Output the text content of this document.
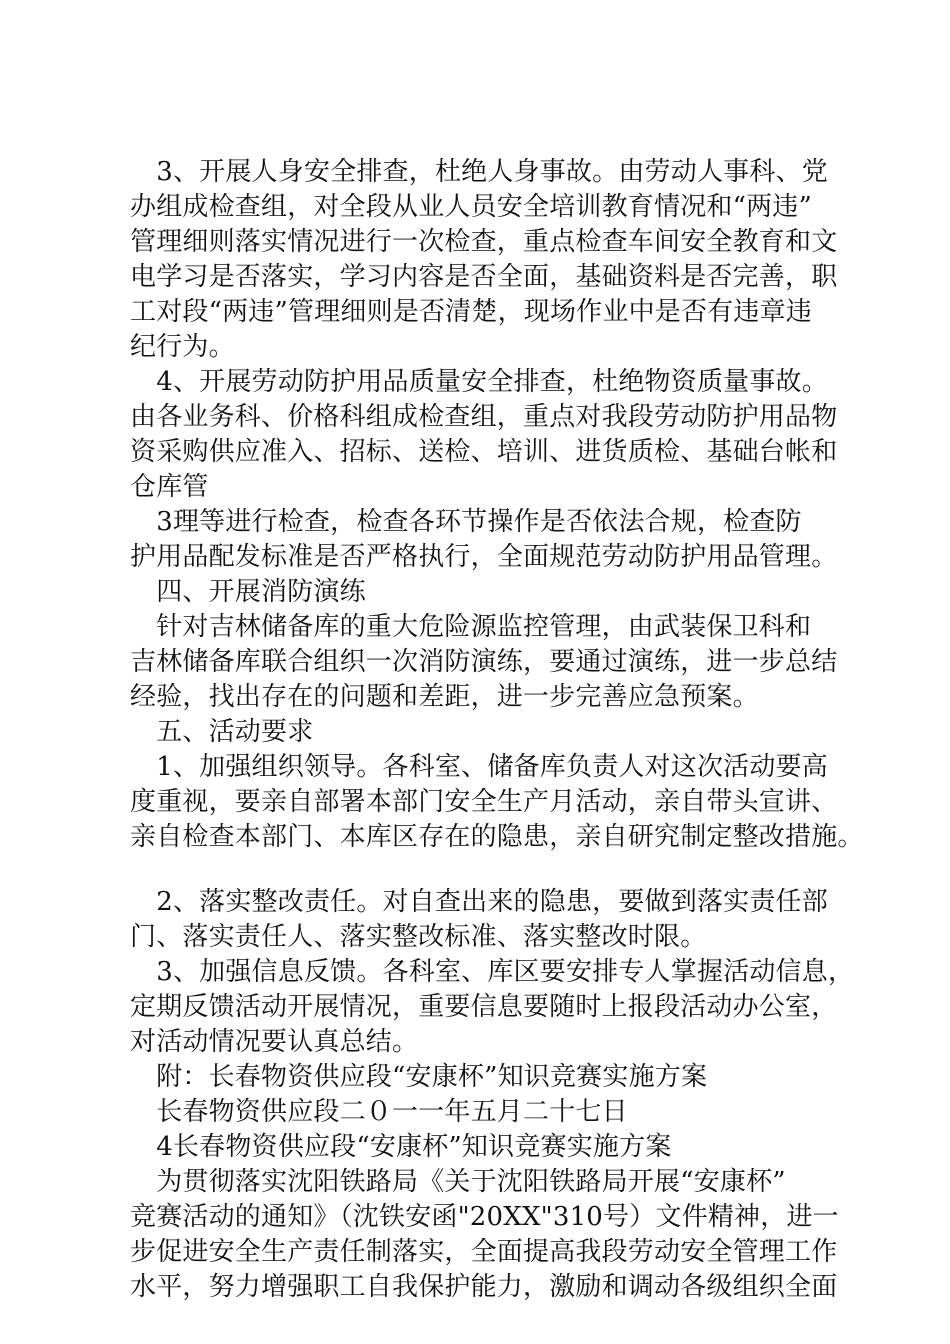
　3、开展人身安全排查，杜绝人身事故。由劳动人事科、党
办组成检查组，对全段从业人员安全培训教育情况和“两违”
管理细则落实情况进行一次检查，重点检查车间安全教育和文
电学习是否落实，学习内容是否全面，基础资料是否完善，职
工对段“两违”管理细则是否清楚，现场作业中是否有违章违
纪行为。
　4、开展劳动防护用品质量安全排查，杜绝物资质量事故。
由各业务科、价格科组成检查组，重点对我段劳动防护用品物
资采购供应准入、招标、送检、培训、进货质检、基础台帐和
仓库管
　3理等进行检查，检查各环节操作是否依法合规，检查防
护用品配发标准是否严格执行，全面规范劳动防护用品管理。
　四、开展消防演练
　针对吉林储备库的重大危险源监控管理，由武装保卫科和
吉林储备库联合组织一次消防演练，要通过演练，进一步总结
经验，找出存在的问题和差距，进一步完善应急预案。
　五、活动要求
　1、加强组织领导。各科室、储备库负责人对这次活动要高
度重视，要亲自部署本部门安全生产月活动，亲自带头宣讲、
亲自检查本部门、本库区存在的隐患，亲自研究制定整改措施。
　2、落实整改责任。对自查出来的隐患，要做到落实责任部
门、落实责任人、落实整改标准、落实整改时限。
　3、加强信息反馈。各科室、库区要安排专人掌握活动信息，
定期反馈活动开展情况，重要信息要随时上报段活动办公室，
对活动情况要认真总结。
　附：长春物资供应段“安康杯”知识竞赛实施方案
　长春物资供应段二０一一年五月二十七日
　4长春物资供应段“安康杯”知识竞赛实施方案
　为贯彻落实沈阳铁路局《关于沈阳铁路局开展“安康杯”
竞赛活动的通知》（沈铁安函"20XX"310号）文件精神，进一
步促进安全生产责任制落实，全面提高我段劳动安全管理工作
水平，努力增强职工自我保护能力，激励和调动各级组织全面
